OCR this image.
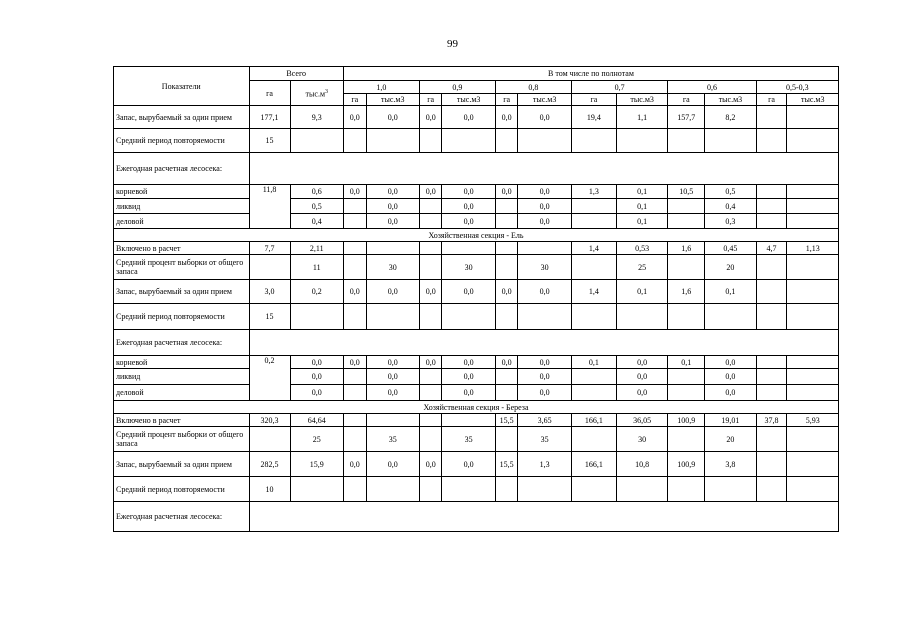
99
Показатели	Всего		В том числе по полнотам											
	га	$тыс.м^3$	1,0		0,9		0,8		0,7		0,6		0,5-0,3	
			га	тыс.м3	га	тыс.м3	га	тыс.м3	га	тыс.м3	га	тыс.м3	га	тыс.м3
Запас, вырубаемый за один прием	177,1	9,3	0,0	0,0	0,0	0,0	0,0	0,0	19,4	1,1	157,7	8,2		
Средний период повторяемости	15													
Ежегодная расчетная лесосека:														
корневой	11,8	0,6	0,0	0,0	0,0	0,0	0,0	0,0	1,3	0,1	10,5	0,5		
ликвид		0,5		0,0		0,0		0,0		0,1		0,4		
деловой		0,4		0,0		0,0		0,0		0,1		0,3		
Хозяйственная секция - Ель														
Включено в расчет	7,7	2,11							1,4	0,53	1,6	0,45	4,7	1,13
Средний процент выборки от общего запаса		11		30		30		30		25		20		
Запас, вырубаемый за один прием	3,0	0,2	0,0	0,0	0,0	0,0	0,0	0,0	1,4	0,1	1,6	0,1		
Средний период повторяемости	15													
Ежегодная расчетная лесосека:														
корневой	0,2	0,0	0,0	0,0	0,0	0,0	0,0	0,0	0,1	0,0	0,1	0,0		
ликвид		0,0		0,0		0,0		0,0		0,0		0,0		
деловой		0,0		0,0		0,0		0,0		0,0		0,0		
Хозяйственная секция - Береза														
Включено в расчет	320,3	64,64					15,5	3,65	166,1	36,05	100,9	19,01	37,8	5,93
Средний процент выборки от общего запаса		25		35		35		35		30		20		
Запас, вырубаемый за один прием	282,5	15,9	0,0	0,0	0,0	0,0	15,5	1,3	166,1	10,8	100,9	3,8		
Средний период повторяемости	10													
Ежегодная расчетная лесосека:														
